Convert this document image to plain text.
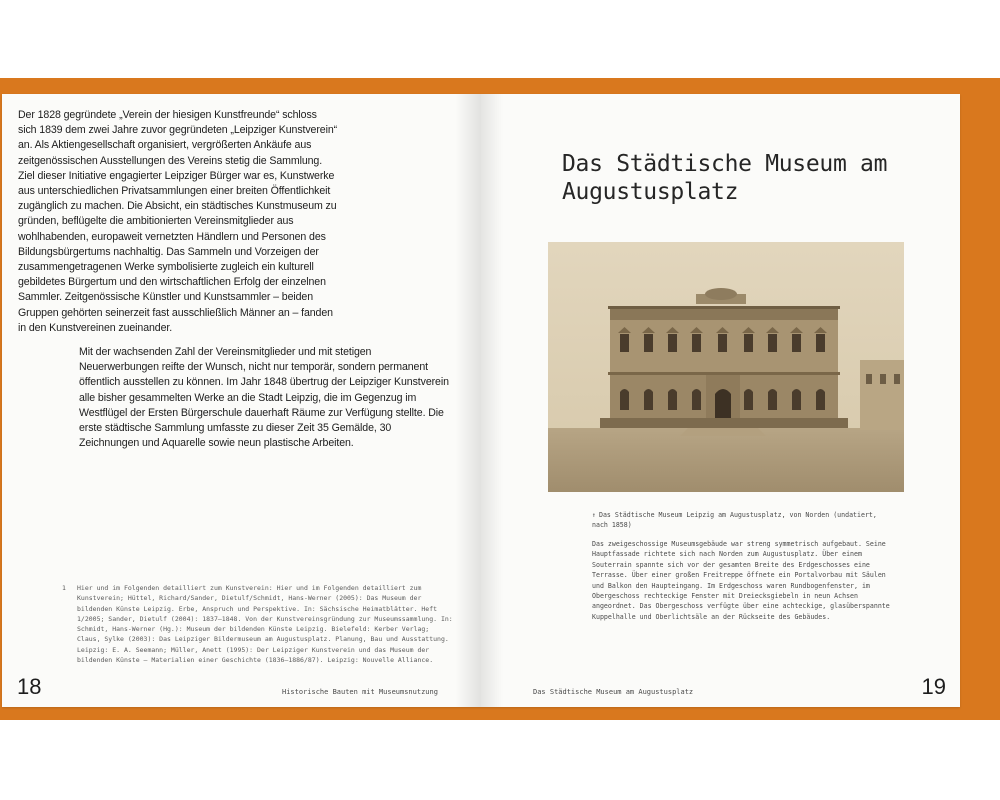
Der 1828 gegründete „Verein der hiesigen Kunstfreunde“ schloss sich 1839 dem zwei Jahre zuvor gegründeten „Leipziger Kunstverein“ an. Als Aktiengesellschaft organisiert, vergrößerten Ankäufe aus zeitgenössischen Ausstellungen des Vereins stetig die Sammlung. Ziel dieser Initiative engagierter Leipziger Bürger war es, Kunstwerke aus unterschiedlichen Privatsammlungen einer breiten Öffentlichkeit zugänglich zu machen. Die Absicht, ein städtisches Kunstmuseum zu gründen, beflügelte die ambitionierten Vereinsmitglieder aus wohlhabenden, europaweit vernetzten Händlern und Personen des Bildungsbürgertums nachhaltig. Das Sammeln und Vorzeigen der zusammengetragenen Werke symbolisierte zugleich ein kulturell gebildetes Bürgertum und den wirtschaftlichen Erfolg der einzelnen Sammler. Zeitgenössische Künstler und Kunstsammler – beiden Gruppen gehörten seinerzeit fast ausschließlich Männer an – fanden in den Kunstvereinen zueinander.

Mit der wachsenden Zahl der Vereinsmitglieder und mit stetigen Neuerwerbungen reifte der Wunsch, nicht nur temporär, sondern permanent öffentlich ausstellen zu können. Im Jahr 1848 übertrug der Leipziger Kunstverein alle bisher gesammelten Werke an die Stadt Leipzig, die im Gegenzug im Westflügel der Ersten Bürgerschule dauerhaft Räume zur Verfügung stellte. Die erste städtische Sammlung umfasste zu dieser Zeit 35 Gemälde, 30 Zeichnungen und Aquarelle sowie neun plastische Arbeiten.

1 Hier und im Folgenden detailliert zum Kunstverein: Hier und im Folgenden detailliert zum Kunstverein; Hüttel, Richard/Sander, Dietulf/Schmidt, Hans-Werner (2005): Das Museum der bildenden Künste Leipzig. Erbe, Anspruch und Perspektive. In: Sächsische Heimatblätter. Heft 1/2005; Sander, Dietulf (2004): 1837–1848. Von der Kunstvereinsgründung zur Museumssammlung. In: Schmidt, Hans-Werner (Hg.): Museum der bildenden Künste Leipzig. Bielefeld: Kerber Verlag; Claus, Sylke (2003): Das Leipziger Bildermuseum am Augustusplatz. Planung, Bau und Ausstattung. Leipzig: E. A. Seemann; Müller, Anett (1995): Der Leipziger Kunstverein und das Museum der bildenden Künste – Materialien einer Geschichte (1836–1886/87). Leipzig: Nouvelle Alliance.

18	Historische Bauten mit Museumsnutzung
Das Städtische Museum am Augustusplatz

↑ Das Städtische Museum Leipzig am Augustusplatz, von Norden (undatiert, nach 1858)

Das zweigeschossige Museumsgebäude war streng symmetrisch aufgebaut. Seine Hauptfassade richtete sich nach Norden zum Augustusplatz. Über einem Souterrain spannte sich vor der gesamten Breite des Erdgeschosses eine Terrasse. Über einer großen Freitreppe öffnete ein Portalvorbau mit Säulen und Balkon den Haupteingang. Im Erdgeschoss waren Rundbogenfenster, im Obergeschoss rechteckige Fenster mit Dreiecksgiebeln in neun Achsen angeordnet. Das Obergeschoss verfügte über eine achteckige, glasüberspannte Kuppelhalle und Oberlichtsäle an der Rückseite des Gebäudes.

Das Städtische Museum am Augustusplatz	19
